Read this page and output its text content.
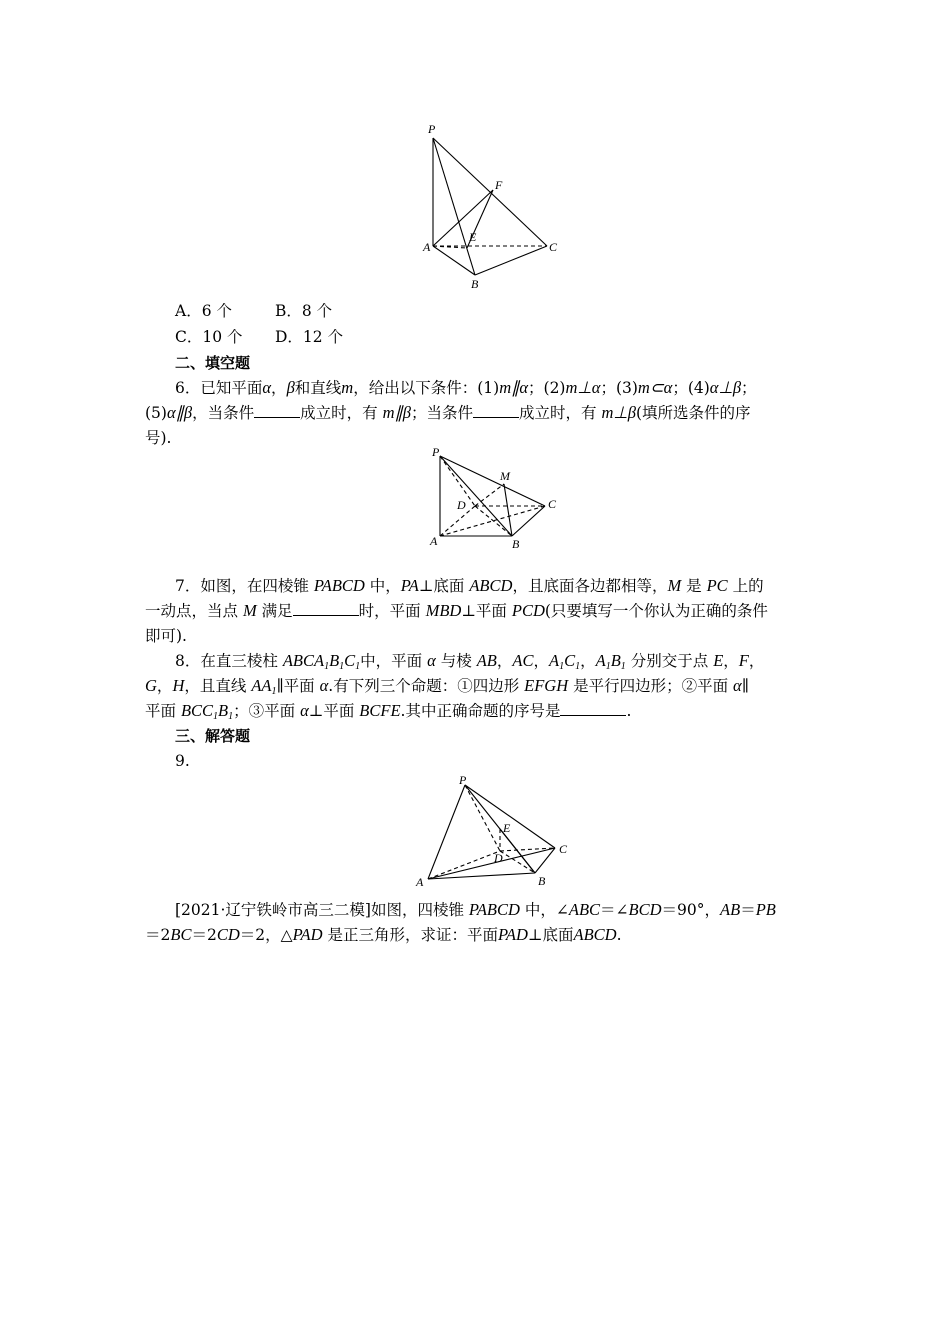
P
F
E
A	C
B
A．6 个	B．8 个
C．10 个 D．12 个
二、填空题
6．已知平面α，β和直线m，给出以下条件：(1)m∥α；(2)m⊥α；(3)m⊂α；(4)α⊥β；
(5)α∥β，当条件	成立时，有 m∥β；当条件	成立时，有 m⊥β(填所选条件的序
号).
P
M
D	C
A	B
7．如图，在四棱锥 PABCD 中，PA⊥底面 ABCD，且底面各边都相等，M 是 PC 上的
一动点，当点 M 满足	时，平面 MBD⊥平面 PCD(只要填写一个你认为正确的条件
即可).
8．在直三棱柱 $ABCA_1B_1C_1$中，平面 α 与棱 AB，AC，$A_1C_1$，$A_1B_1$ 分别交于点 E，F，
G，H，且直线 $AA_1\parallel$平面 α.有下列三个命题：①四边形 EFGH 是平行四边形；②平面 α∥
平面 $BCC_1B_1$；③平面 α⊥平面 BCFE.其中正确命题的序号是	.
三、解答题
9.
P
E
D
C
A	B
[2021·辽宁铁岭市高三二模]如图，四棱锥 PABCD 中，∠ABC＝∠BCD＝90°，AB＝PB
＝2BC＝2CD＝2，△PAD 是正三角形，求证：平面PAD⊥底面ABCD.
